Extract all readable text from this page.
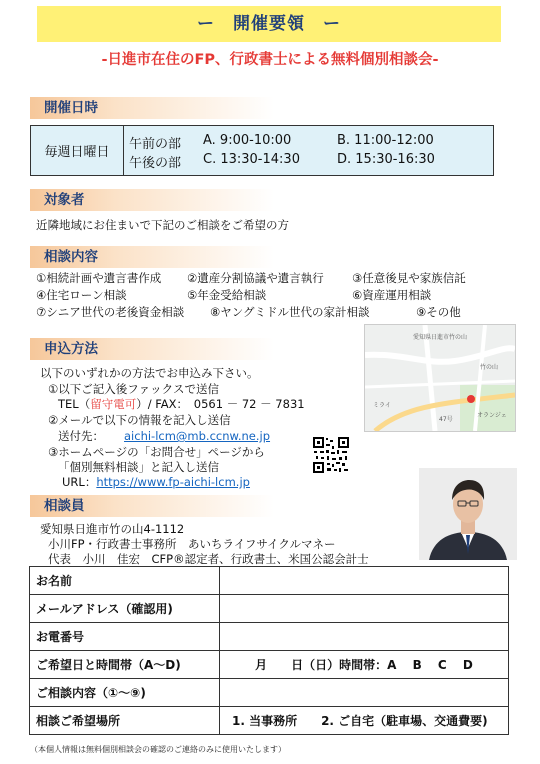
ー　開催要領　ー
-日進市在住のFP、行政書士による無料個別相談会-
開催日時
毎週日曜日
午前の部 A. 9:00-10:00	B. 11:00-12:00
午後の部 C. 13:30-14:30	D. 15:30-16:30
対象者
近隣地域にお住まいで下記のご相談をご希望の方
相談内容
①相続計画や遺言書作成 ②遺産分割協議や遺言執行 ③任意後見や家族信託
④住宅ローン相談	⑤年金受給相談	⑥資産運用相談
⑦シニア世代の老後資金相談 ⑧ヤングミドル世代の家計相談	⑨その他
申込方法
以下のいずれかの方法でお申込み下さい。
①以下ご記入後ファックスで送信
TEL（留守電可）/ FAX：　0561 － 72 － 7831
②メールで以下の情報を記入し送信
送付先： aichi-lcm@mb.ccnw.ne.jp
③ホームページの「お問合せ」ページから
「個別無料相談」と記入し送信
URL：https://www.fp-aichi-lcm.jp
愛知県日進市竹の山
竹の山
オランジェ
ミライ
47号
相談員
愛知県日進市竹の山4-1112
小川FP・行政書士事務所　あいちライフサイクルマネー
代表　小川　佳宏　CFP®認定者、行政書士、米国公認会計士
お名前	
メールアドレス（確認用)	
お電番号	
ご希望日と時間帯（A～D)	月　　日（日）時間帯：A　 B　 C　 D
ご相談内容（①～⑨)	
相談ご希望場所	1. 当事務所　　2. ご自宅（駐車場、交通費要)
（本個人情報は無料個別相談会の確認のご連絡のみに使用いたします）
